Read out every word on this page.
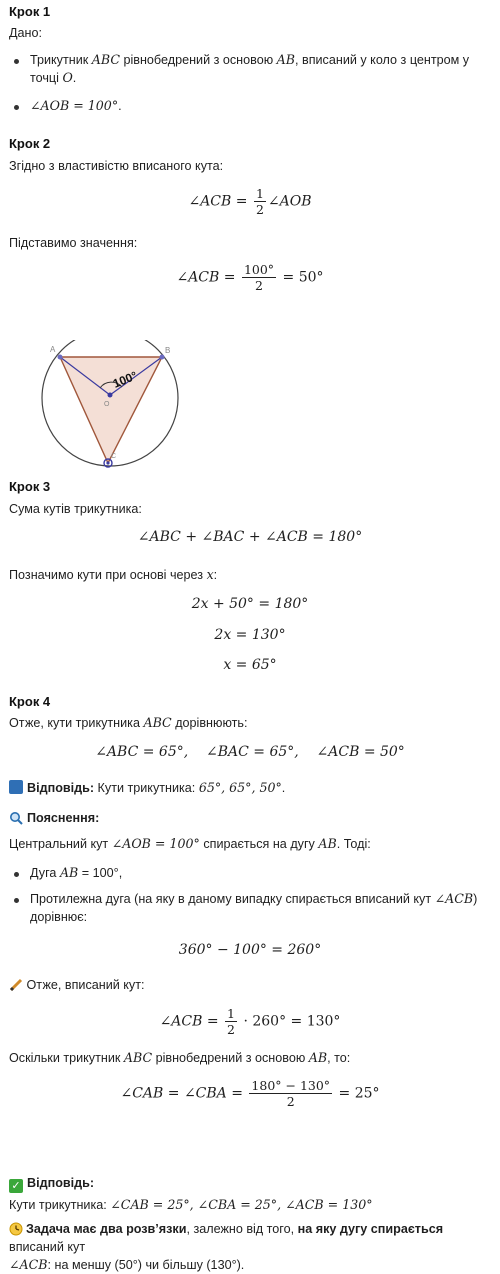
Крок 1
Дано:
Трикутник ABC рівнобедрений з основою AB, вписаний у коло з центром у
точці O.
∠AOB = 100°.
Крок 2
Згідно з властивістю вписаного кута:
∠ACB = $\frac{1}{2}$ ∠AOB
Підставимо значення:
∠ACB = $\frac{100^\circ}{2} = 50^\circ$
A	B
O
C
100°
Крок 3
Сума кутів трикутника:
∠ABC + ∠BAC + ∠ACB = 180°
Позначимо кути при основі через x:
2x + 50° = 180°
2x = 130°
x = 65°
Крок 4
Отже, кути трикутника ABC дорівнюють:
∠ABC = 65°,    ∠BAC = 65°,    ∠ACB = 50°
Відповідь: Кути трикутника: 65°, 65°, 50°.
Пояснення:
Центральний кут ∠AOB = 100° спирається на дугу AB. Тоді:
Дуга AB = 100°,
Протилежна дуга (на яку в даному випадку спирається вписаний кут ∠ACB)
дорівнює:
360° − 100° = 260°
Отже, вписаний кут:
∠ACB = $\frac{1}{2} \cdot 260^\circ = 130^\circ$
Оскільки трикутник ABC рівнобедрений з основою AB, то:
∠CAB = ∠CBA = $\frac{180^\circ - 130^\circ}{2} = 25^\circ$
✓ Відповідь:
Кути трикутника: ∠CAB = 25°, ∠CBA = 25°, ∠ACB = 130°
Задача має два розв’язки, залежно від того, на яку дугу спирається вписаний кут
∠ACB: на меншу (50°) чи більшу (130°).
